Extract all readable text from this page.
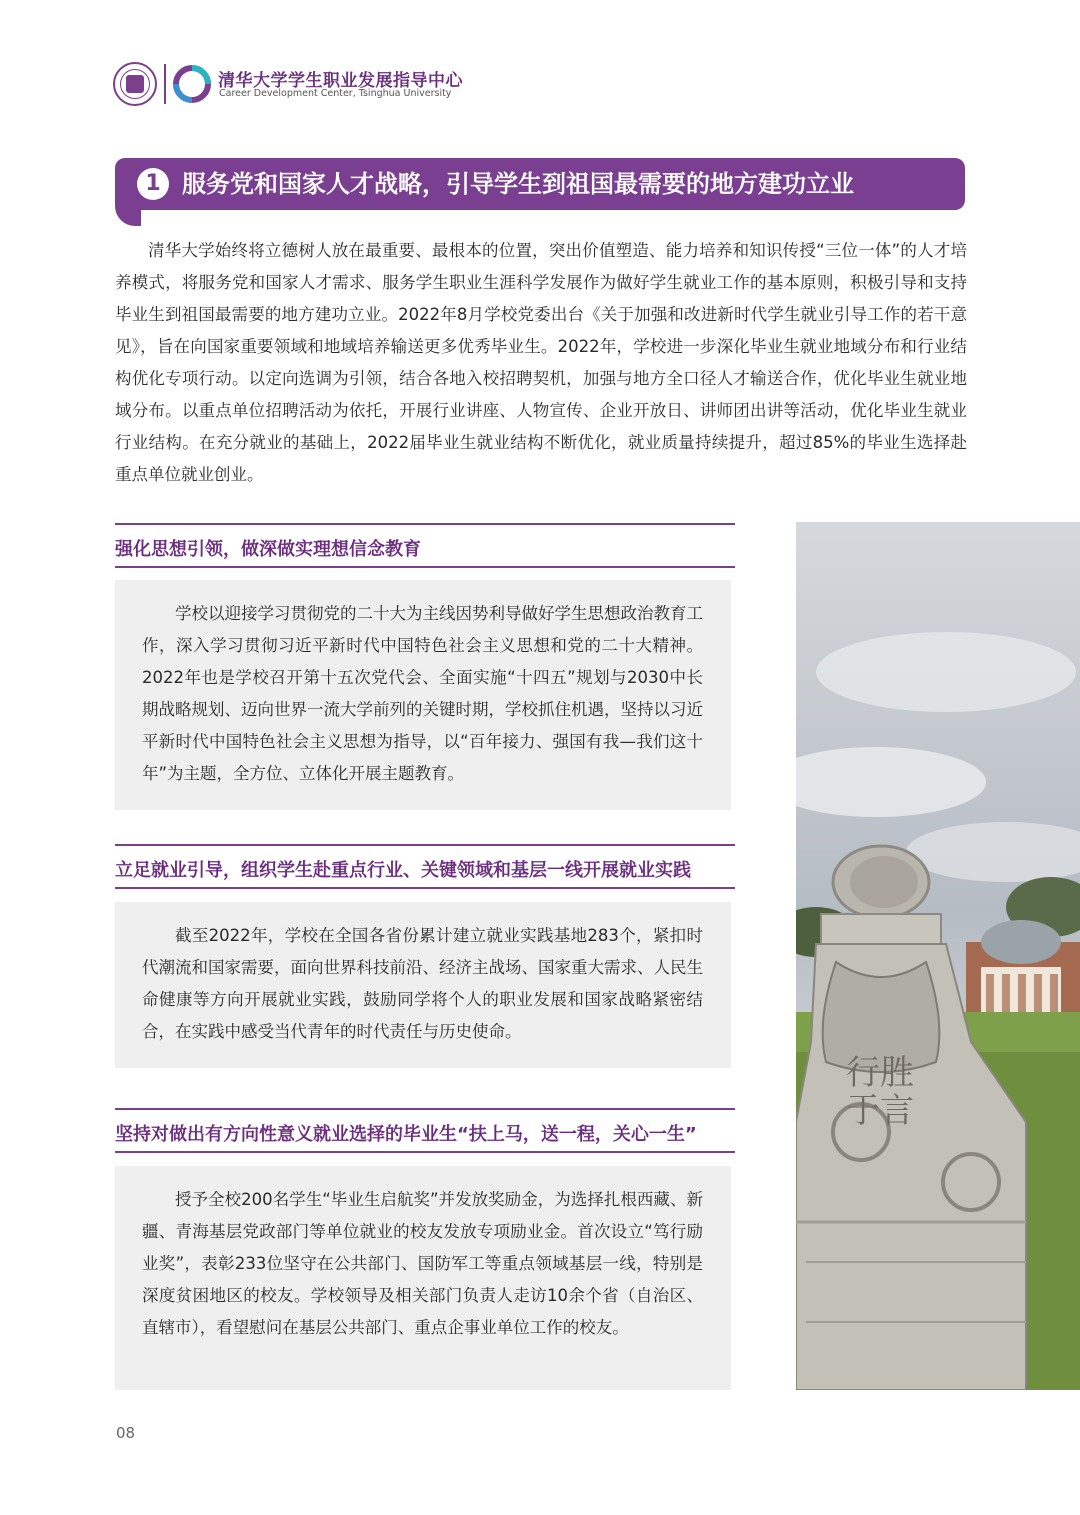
清华大学学生职业发展指导中心
Career Development Center, Tsinghua University
1 服务党和国家人才战略，引导学生到祖国最需要的地方建功立业

清华大学始终将立德树人放在最重要、最根本的位置，突出价值塑造、能力培养和知识传授“三位一体”的人才培养模式，将服务党和国家人才需求、服务学生职业生涯科学发展作为做好学生就业工作的基本原则，积极引导和支持毕业生到祖国最需要的地方建功立业。2022年8月学校党委出台《关于加强和改进新时代学生就业引导工作的若干意见》，旨在向国家重要领域和地域培养输送更多优秀毕业生。2022年，学校进一步深化毕业生就业地域分布和行业结构优化专项行动。以定向选调为引领，结合各地入校招聘契机，加强与地方全口径人才输送合作，优化毕业生就业地域分布。以重点单位招聘活动为依托，开展行业讲座、人物宣传、企业开放日、讲师团出讲等活动，优化毕业生就业行业结构。在充分就业的基础上，2022届毕业生就业结构不断优化，就业质量持续提升，超过85%的毕业生选择赴重点单位就业创业。

强化思想引领，做深做实理想信念教育

学校以迎接学习贯彻党的二十大为主线因势利导做好学生思想政治教育工作，深入学习贯彻习近平新时代中国特色社会主义思想和党的二十大精神。2022年也是学校召开第十五次党代会、全面实施“十四五”规划与2030中长期战略规划、迈向世界一流大学前列的关键时期，学校抓住机遇，坚持以习近平新时代中国特色社会主义思想为指导，以“百年接力、强国有我—我们这十年”为主题，全方位、立体化开展主题教育。

立足就业引导，组织学生赴重点行业、关键领域和基层一线开展就业实践

截至2022年，学校在全国各省份累计建立就业实践基地283个，紧扣时代潮流和国家需要，面向世界科技前沿、经济主战场、国家重大需求、人民生命健康等方向开展就业实践，鼓励同学将个人的职业发展和国家战略紧密结合，在实践中感受当代青年的时代责任与历史使命。

坚持对做出有方向性意义就业选择的毕业生“扶上马，送一程，关心一生”

授予全校200名学生“毕业生启航奖”并发放奖励金，为选择扎根西藏、新疆、青海基层党政部门等单位就业的校友发放专项励业金。首次设立“笃行励业奖”，表彰233位坚守在公共部门、国防军工等重点领域基层一线，特别是深度贫困地区的校友。学校领导及相关部门负责人走访10余个省（自治区、直辖市），看望慰问在基层公共部门、重点企事业单位工作的校友。

行胜
于言
08
